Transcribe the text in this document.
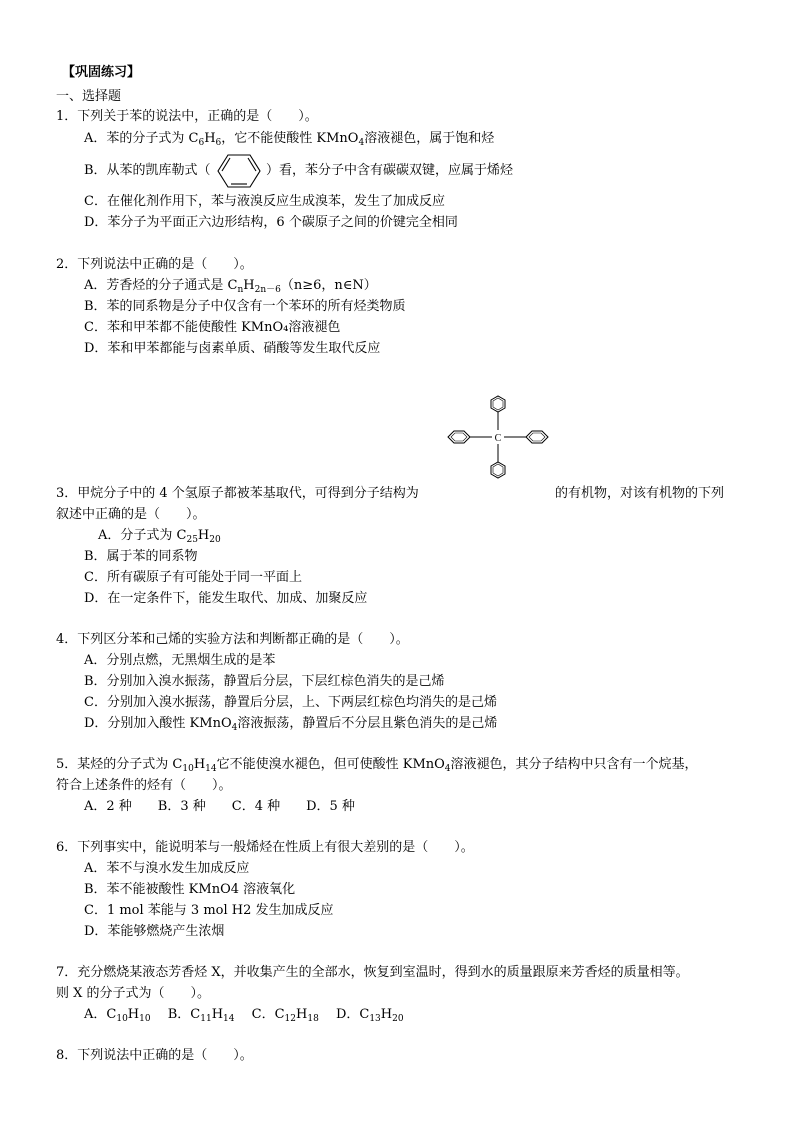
【巩固练习】
一、选择题
1．下列关于苯的说法中，正确的是（　　）。
A．苯的分子式为 $C_6H_6$，它不能使酸性 KMnO$_4$溶液褪色，属于饱和烃
B．从苯的凯库勒式（	）看，苯分子中含有碳碳双键，应属于烯烃
C．在催化剂作用下，苯与液溴反应生成溴苯，发生了加成反应
D．苯分子为平面正六边形结构，6 个碳原子之间的价键完全相同
2．下列说法中正确的是（　　）。
A．芳香烃的分子通式是 $C_nH_{2n-6}(n\ge 6$，n∈N）
B．苯的同系物是分子中仅含有一个苯环的所有烃类物质
C．苯和甲苯都不能使酸性 KMnO₄溶液褪色
D．苯和甲苯都能与卤素单质、硝酸等发生取代反应
C
3．甲烷分子中的 4 个氢原子都被苯基取代，可得到分子结构为	的有机物，对该有机物的下列
叙述中正确的是（　　）。
A．分子式为 $C_{25}H_{20}$
B．属于苯的同系物
C．所有碳原子有可能处于同一平面上
D．在一定条件下，能发生取代、加成、加聚反应
4．下列区分苯和己烯的实验方法和判断都正确的是（　　）。
A．分别点燃，无黑烟生成的是苯
B．分别加入溴水振荡，静置后分层，下层红棕色消失的是己烯
C．分别加入溴水振荡，静置后分层，上、下两层红棕色均消失的是己烯
D．分别加入酸性 KMnO$_4$溶液振荡，静置后不分层且紫色消失的是己烯
5．某烃的分子式为 $C_{10}H_{14}$它不能使溴水褪色，但可使酸性 KMnO$_4$溶液褪色，其分子结构中只含有一个烷基，
符合上述条件的烃有（　　）。
A．2 种　　B．3 种　　C．4 种　　D．5 种
6．下列事实中，能说明苯与一般烯烃在性质上有很大差别的是（　　）。
A．苯不与溴水发生加成反应
B．苯不能被酸性 KMnO4 溶液氧化
C．1 mol 苯能与 3 mol H2 发生加成反应
D．苯能够燃烧产生浓烟
7．充分燃烧某液态芳香烃 X，并收集产生的全部水，恢复到室温时，得到水的质量跟原来芳香烃的质量相等。
则 X 的分子式为（　　）。
A．$C_{10}H_{10}$　 B．$C_{11}H_{14}$　 C．$C_{12}H_{18}$　 D．$C_{13}H_{20}$
8．下列说法中正确的是（　　）。
